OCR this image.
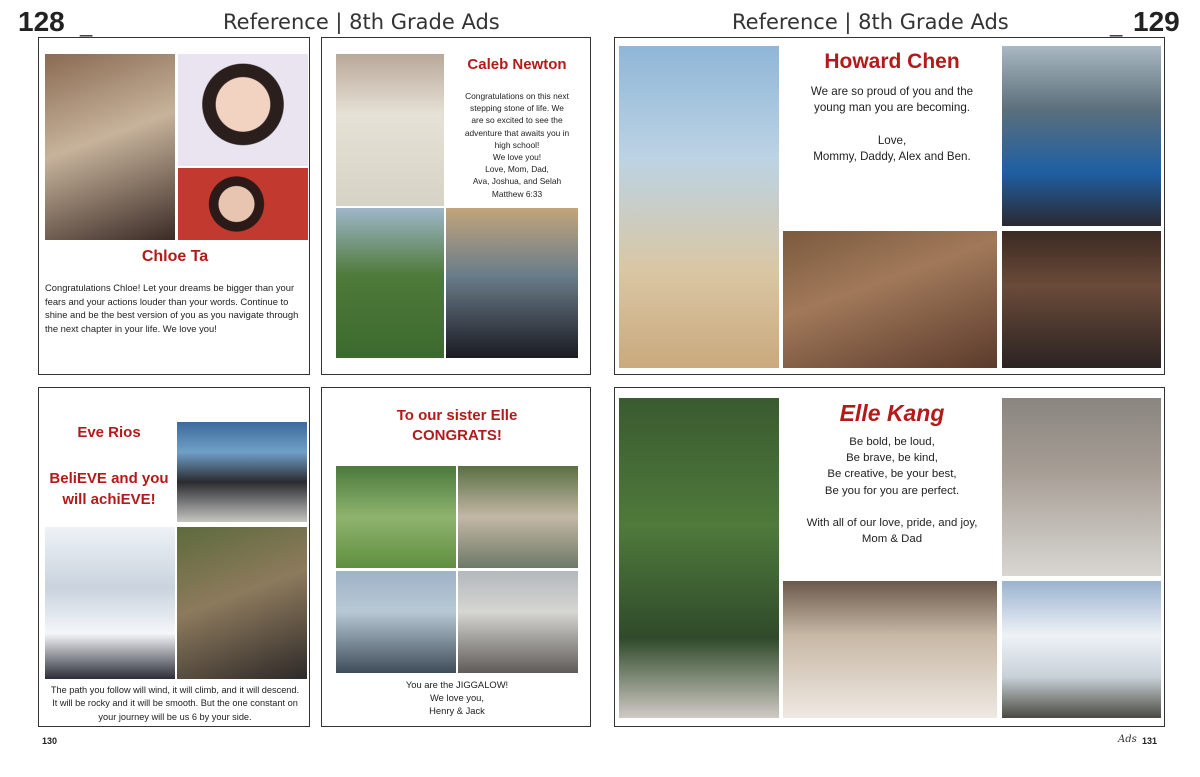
128 _	Reference | 8th Grade Ads	Reference | 8th Grade Ads	_ 129
Chloe Ta
Congratulations Chloe! Let your dreams be bigger than your fears and your actions louder than your words. Continue to shine and be the best version of you as you navigate through the next chapter in your life. We love you!
Caleb Newton
Congratulations on this next
stepping stone of life. We
are so excited to see the
adventure that awaits you in
high school!
We love you!
Love, Mom, Dad,
Ava, Joshua, and Selah
Matthew 6:33
Howard Chen
We are so proud of you and the
young man you are becoming.
Love,
Mommy, Daddy, Alex and Ben.
Eve Rios
BeliEVE and you will achiEVE!
The path you follow will wind, it will climb, and it will descend. It will be rocky and it will be smooth. But the one constant on your journey will be us 6 by your side.
To our sister Elle CONGRATS!
You are the JIGGALOW!
We love you,
Henry & Jack
Elle Kang
Be bold, be loud,
Be brave, be kind,
Be creative, be your best,
Be you for you are perfect.
With all of our love, pride, and joy,
Mom & Dad
130	Ads 131
